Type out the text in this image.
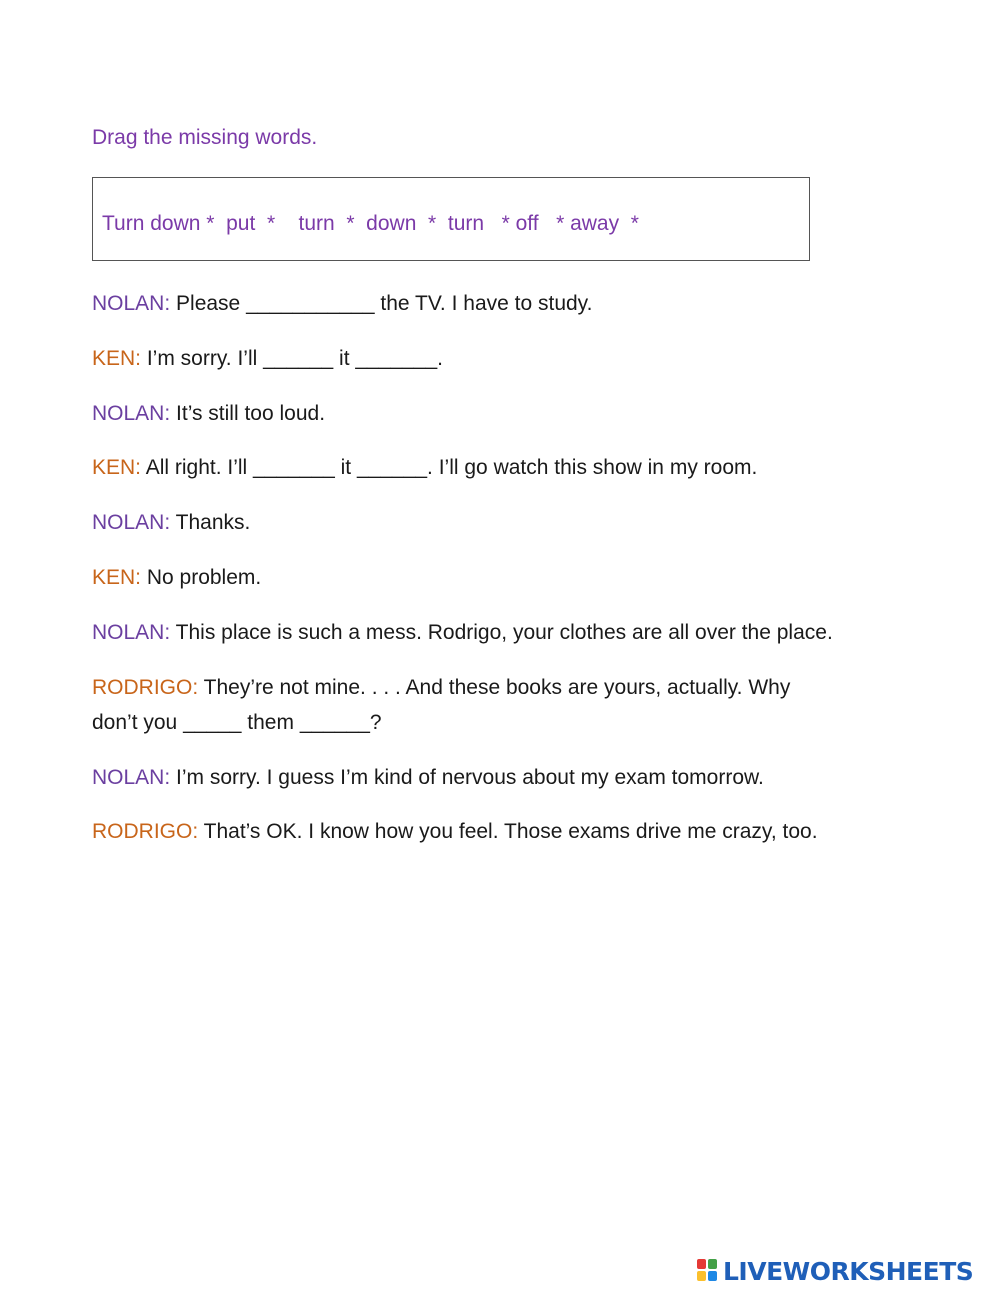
Drag the missing words.
Turn down *  put  *    turn  *  down  *  turn   * off   * away  *
NOLAN: Please ___________ the TV. I have to study.
KEN: I’m sorry. I’ll ______ it _______.
NOLAN: It’s still too loud.
KEN: All right. I’ll _______ it ______. I’ll go watch this show in my room.
NOLAN: Thanks.
KEN: No problem.
NOLAN: This place is such a mess. Rodrigo, your clothes are all over the place.
RODRIGO: They’re not mine. . . . And these books are yours, actually. Why
don’t you _____ them ______?
NOLAN: I’m sorry. I guess I’m kind of nervous about my exam tomorrow.
RODRIGO: That’s OK. I know how you feel. Those exams drive me crazy, too.
LIVEWORKSHEETS
